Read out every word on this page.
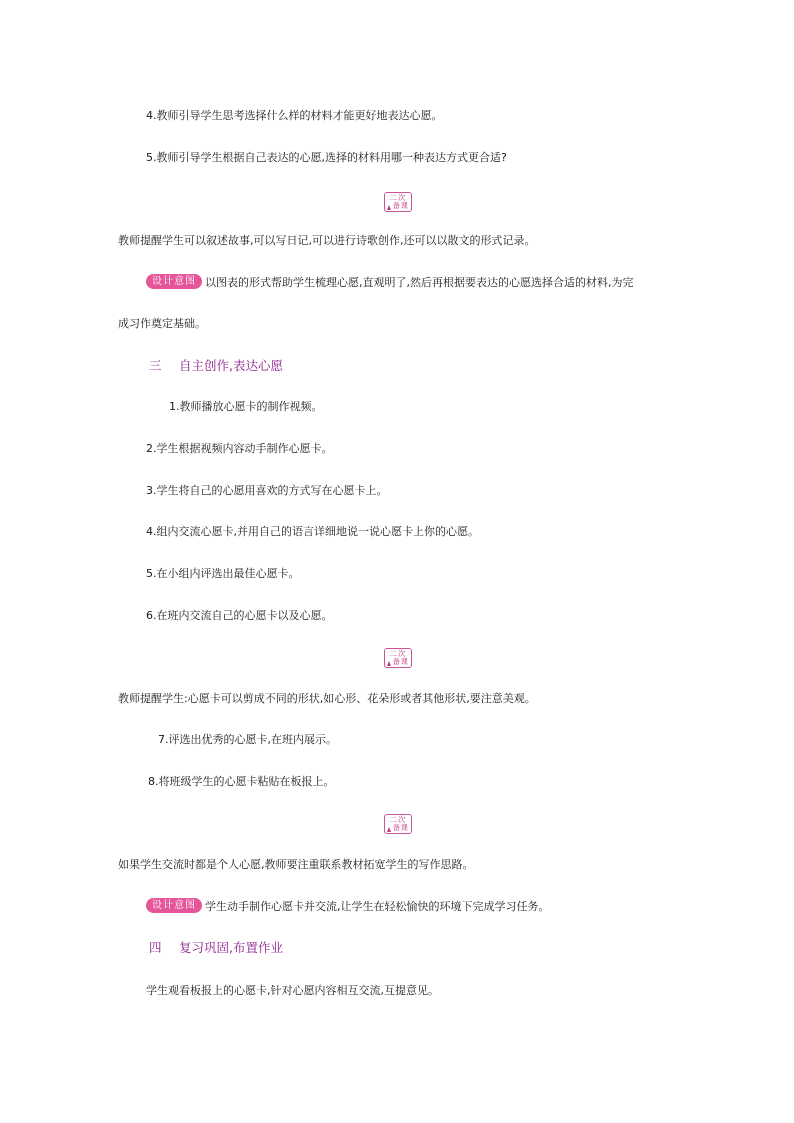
4.教师引导学生思考选择什么样的材料才能更好地表达心愿。
5.教师引导学生根据自己表达的心愿,选择的材料用哪一种表达方式更合适?
二次
备课
教师提醒学生可以叙述故事,可以写日记,可以进行诗歌创作,还可以以散文的形式记录。
设计意图 以图表的形式帮助学生梳理心愿,直观明了,然后再根据要表达的心愿选择合适的材料,为完
成习作奠定基础。
三 自主创作,表达心愿
1.教师播放心愿卡的制作视频。
2.学生根据视频内容动手制作心愿卡。
3.学生将自己的心愿用喜欢的方式写在心愿卡上。
4.组内交流心愿卡,并用自己的语言详细地说一说心愿卡上你的心愿。
5.在小组内评选出最佳心愿卡。
6.在班内交流自己的心愿卡以及心愿。
二次
备课
教师提醒学生:心愿卡可以剪成不同的形状,如心形、花朵形或者其他形状,要注意美观。
7.评选出优秀的心愿卡,在班内展示。
8.将班级学生的心愿卡粘贴在板报上。
二次
备课
如果学生交流时都是个人心愿,教师要注重联系教材拓宽学生的写作思路。
设计意图 学生动手制作心愿卡并交流,让学生在轻松愉快的环境下完成学习任务。
四 复习巩固,布置作业
学生观看板报上的心愿卡,针对心愿内容相互交流,互提意见。
